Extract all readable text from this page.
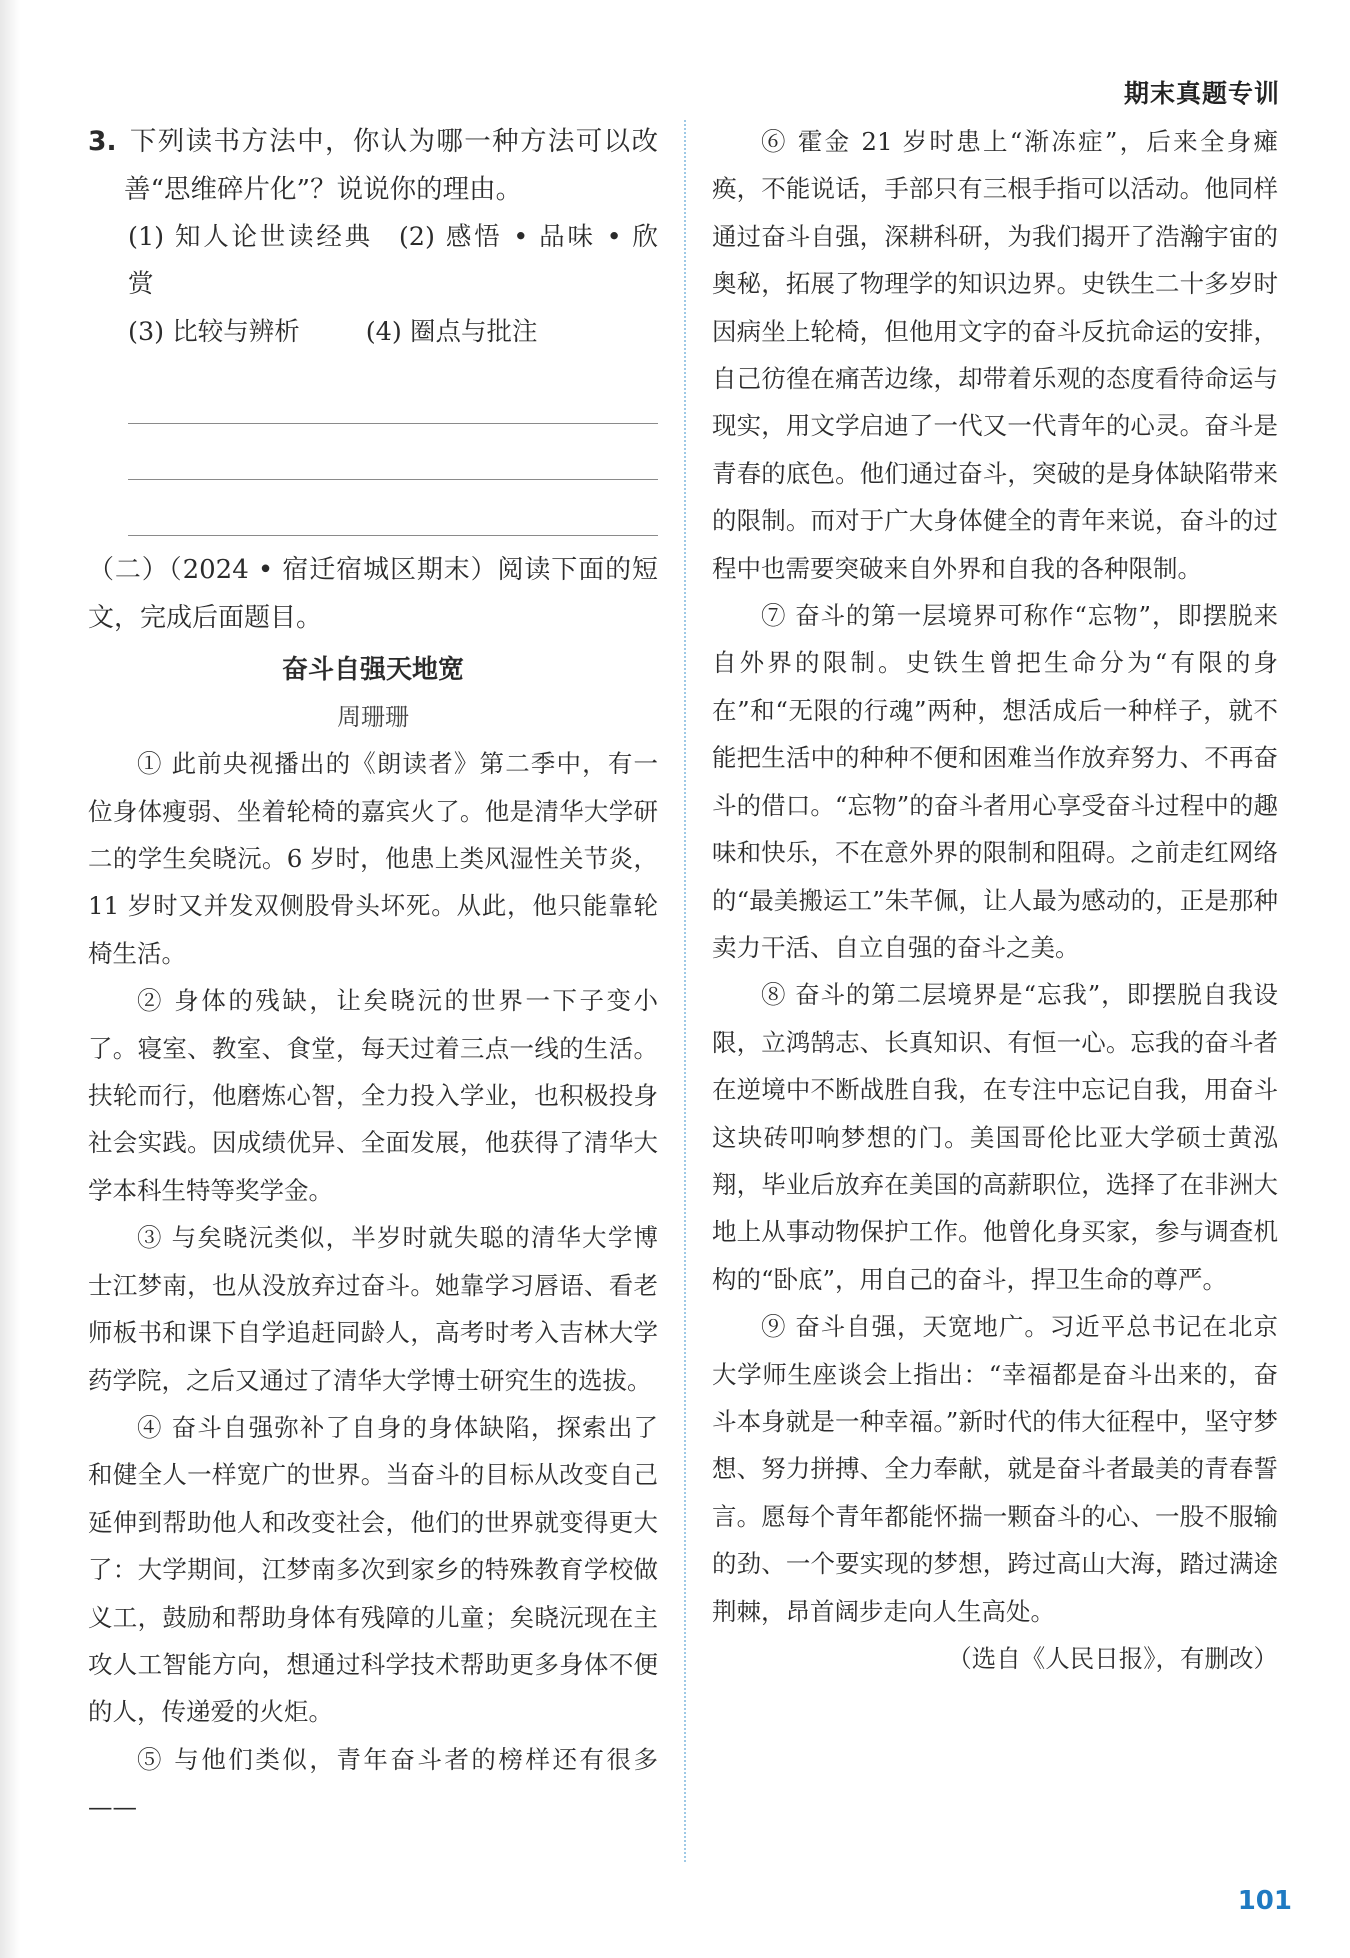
期末真题专训

3. 下列读书方法中，你认为哪一种方法可以改善“思维碎片化”？说说你的理由。

(1) 知人论世读经典 (2) 感悟 • 品味 • 欣赏
(3) 比较与辨析	(4) 圈点与批注

（二）（2024 • 宿迁宿城区期末）阅读下面的短文，完成后面题目。

奋斗自强天地宽
周珊珊

① 此前央视播出的《朗读者》第二季中，有一位身体瘦弱、坐着轮椅的嘉宾火了。他是清华大学研二的学生矣晓沅。6 岁时，他患上类风湿性关节炎，11 岁时又并发双侧股骨头坏死。从此，他只能靠轮椅生活。

② 身体的残缺，让矣晓沅的世界一下子变小了。寝室、教室、食堂，每天过着三点一线的生活。扶轮而行，他磨炼心智，全力投入学业，也积极投身社会实践。因成绩优异、全面发展，他获得了清华大学本科生特等奖学金。

③ 与矣晓沅类似，半岁时就失聪的清华大学博士江梦南，也从没放弃过奋斗。她靠学习唇语、看老师板书和课下自学追赶同龄人，高考时考入吉林大学药学院，之后又通过了清华大学博士研究生的选拔。

④ 奋斗自强弥补了自身的身体缺陷，探索出了和健全人一样宽广的世界。当奋斗的目标从改变自己延伸到帮助他人和改变社会，他们的世界就变得更大了：大学期间，江梦南多次到家乡的特殊教育学校做义工，鼓励和帮助身体有残障的儿童；矣晓沅现在主攻人工智能方向，想通过科学技术帮助更多身体不便的人，传递爱的火炬。

⑤ 与他们类似，青年奋斗者的榜样还有很多——

⑥ 霍金 21 岁时患上“渐冻症”，后来全身瘫痪，不能说话，手部只有三根手指可以活动。他同样通过奋斗自强，深耕科研，为我们揭开了浩瀚宇宙的奥秘，拓展了物理学的知识边界。史铁生二十多岁时因病坐上轮椅，但他用文字的奋斗反抗命运的安排，自己彷徨在痛苦边缘，却带着乐观的态度看待命运与现实，用文学启迪了一代又一代青年的心灵。奋斗是青春的底色。他们通过奋斗，突破的是身体缺陷带来的限制。而对于广大身体健全的青年来说，奋斗的过程中也需要突破来自外界和自我的各种限制。

⑦ 奋斗的第一层境界可称作“忘物”，即摆脱来自外界的限制。史铁生曾把生命分为“有限的身在”和“无限的行魂”两种，想活成后一种样子，就不能把生活中的种种不便和困难当作放弃努力、不再奋斗的借口。“忘物”的奋斗者用心享受奋斗过程中的趣味和快乐，不在意外界的限制和阻碍。之前走红网络的“最美搬运工”朱芊佩，让人最为感动的，正是那种卖力干活、自立自强的奋斗之美。

⑧ 奋斗的第二层境界是“忘我”，即摆脱自我设限，立鸿鹄志、长真知识、有恒一心。忘我的奋斗者在逆境中不断战胜自我，在专注中忘记自我，用奋斗这块砖叩响梦想的门。美国哥伦比亚大学硕士黄泓翔，毕业后放弃在美国的高薪职位，选择了在非洲大地上从事动物保护工作。他曾化身买家，参与调查机构的“卧底”，用自己的奋斗，捍卫生命的尊严。

⑨ 奋斗自强，天宽地广。习近平总书记在北京大学师生座谈会上指出：“幸福都是奋斗出来的，奋斗本身就是一种幸福。”新时代的伟大征程中，坚守梦想、努力拼搏、全力奉献，就是奋斗者最美的青春誓言。愿每个青年都能怀揣一颗奋斗的心、一股不服输的劲、一个要实现的梦想，跨过高山大海，踏过满途荆棘，昂首阔步走向人生高处。
（选自《人民日报》，有删改）

101
